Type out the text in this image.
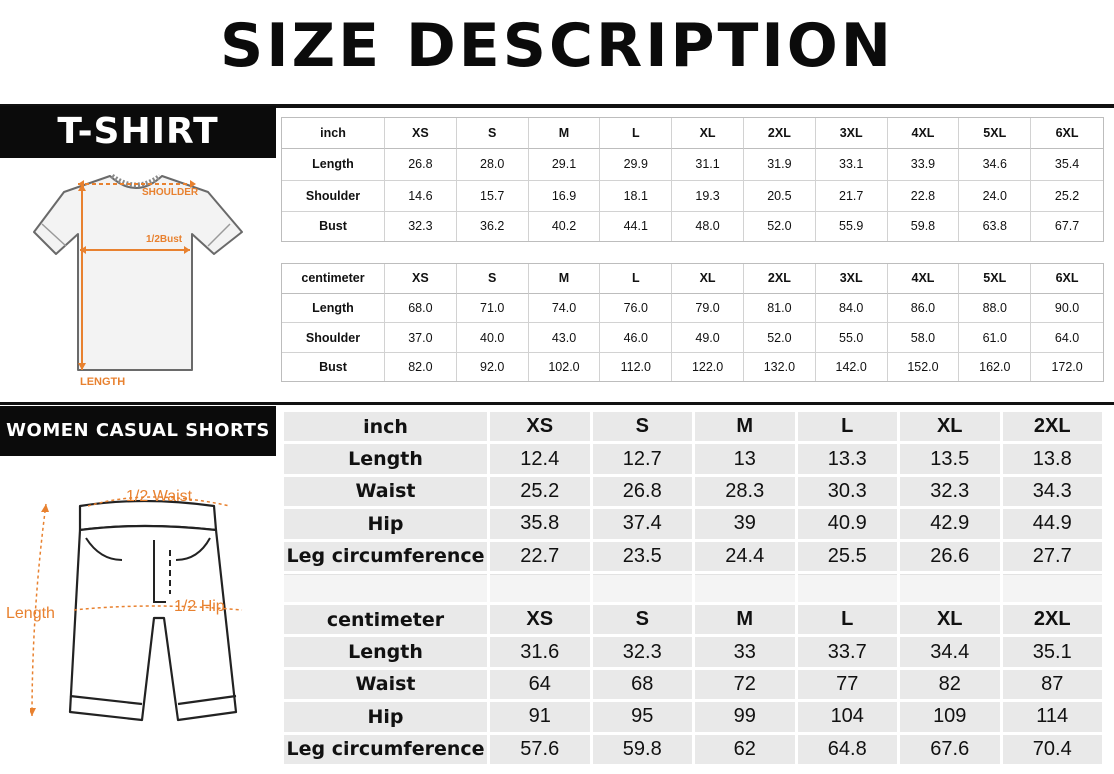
SIZE DESCRIPTION
T-SHIRT
SHOULDER
1/2Bust
LENGTH
inch	XS	S	M	L	XL	2XL	3XL	4XL	5XL	6XL
Length	26.8	28.0	29.1	29.9	31.1	31.9	33.1	33.9	34.6	35.4
Shoulder	14.6	15.7	16.9	18.1	19.3	20.5	21.7	22.8	24.0	25.2
Bust	32.3	36.2	40.2	44.1	48.0	52.0	55.9	59.8	63.8	67.7
centimeter	XS	S	M	L	XL	2XL	3XL	4XL	5XL	6XL
Length	68.0	71.0	74.0	76.0	79.0	81.0	84.0	86.0	88.0	90.0
Shoulder	37.0	40.0	43.0	46.0	49.0	52.0	55.0	58.0	61.0	64.0
Bust	82.0	92.0	102.0	112.0	122.0	132.0	142.0	152.0	162.0	172.0
WOMEN CASUAL SHORTS
1/2 Waist
1/2 Hip
Length
inch	XS	S	M	L	XL	2XL
Length	12.4	12.7	13	13.3	13.5	13.8
Waist	25.2	26.8	28.3	30.3	32.3	34.3
Hip	35.8	37.4	39	40.9	42.9	44.9
Leg circumference	22.7	23.5	24.4	25.5	26.6	27.7
centimeter	XS	S	M	L	XL	2XL
Length	31.6	32.3	33	33.7	34.4	35.1
Waist	64	68	72	77	82	87
Hip	91	95	99	104	109	114
Leg circumference	57.6	59.8	62	64.8	67.6	70.4
